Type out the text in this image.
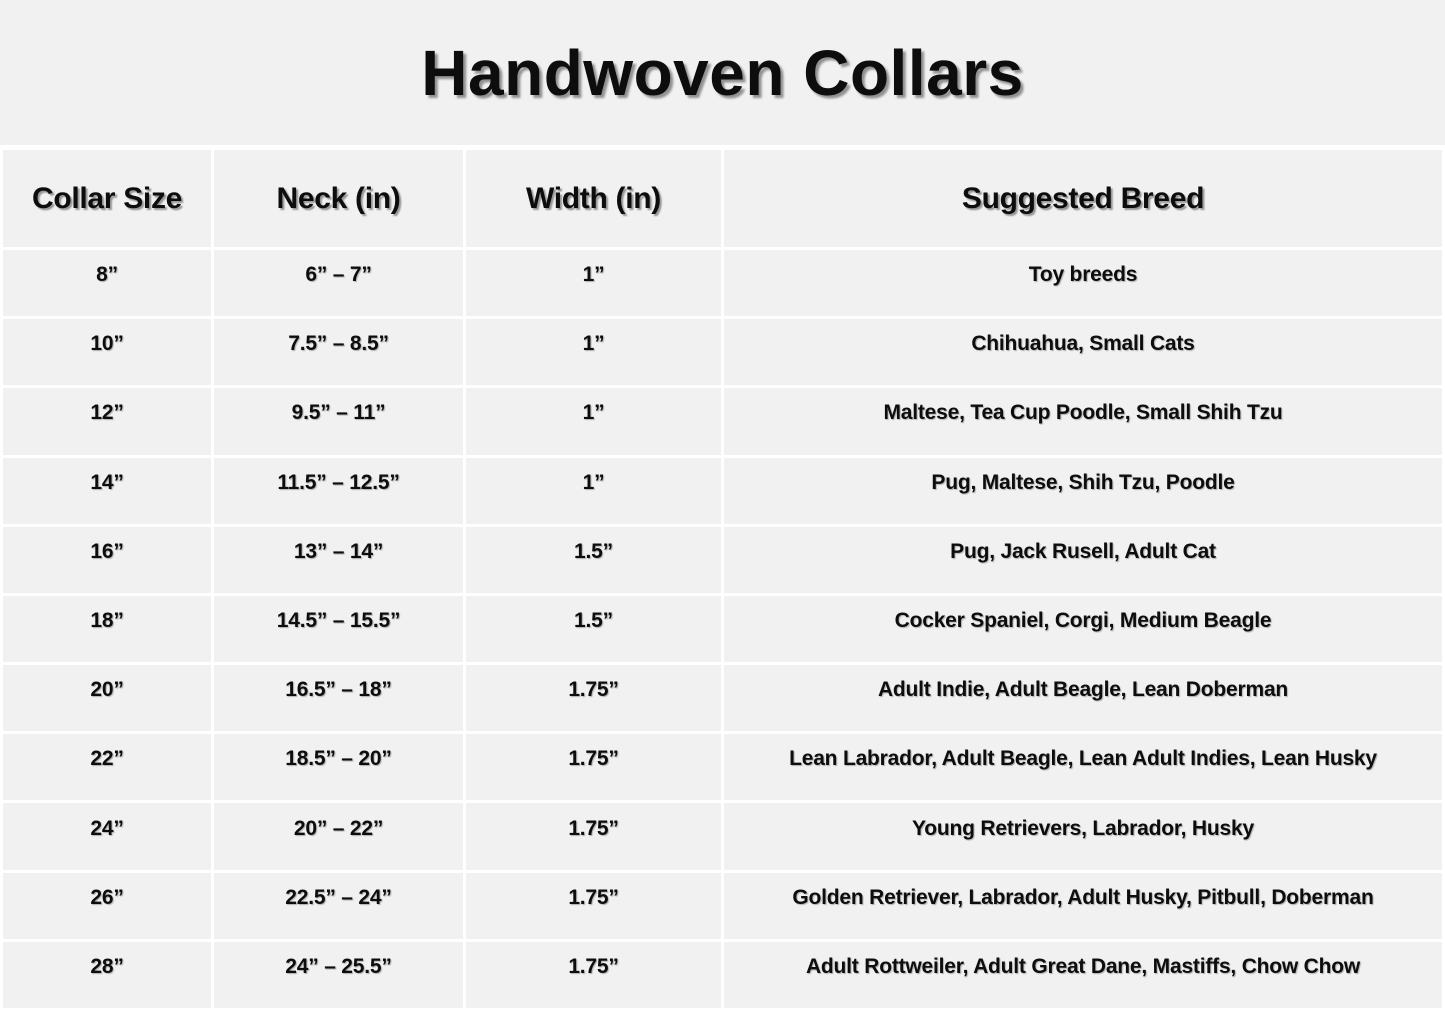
Handwoven Collars
Collar Size	Neck (in)	Width (in)	Suggested Breed
8”	6” – 7”	1”	Toy breeds
10”	7.5” – 8.5”	1”	Chihuahua, Small Cats
12”	9.5” – 11”	1”	Maltese, Tea Cup Poodle, Small Shih Tzu
14”	11.5” – 12.5”	1”	Pug, Maltese, Shih Tzu, Poodle
16”	13” – 14”	1.5”	Pug, Jack Rusell, Adult Cat
18”	14.5” – 15.5”	1.5”	Cocker Spaniel, Corgi, Medium Beagle
20”	16.5” – 18”	1.75”	Adult Indie, Adult Beagle, Lean Doberman
22”	18.5” – 20”	1.75”	Lean Labrador, Adult Beagle, Lean Adult Indies, Lean Husky
24”	20” – 22”	1.75”	Young Retrievers, Labrador, Husky
26”	22.5” – 24”	1.75”	Golden Retriever, Labrador, Adult Husky, Pitbull, Doberman
28”	24” – 25.5”	1.75”	Adult Rottweiler, Adult Great Dane, Mastiffs, Chow Chow
